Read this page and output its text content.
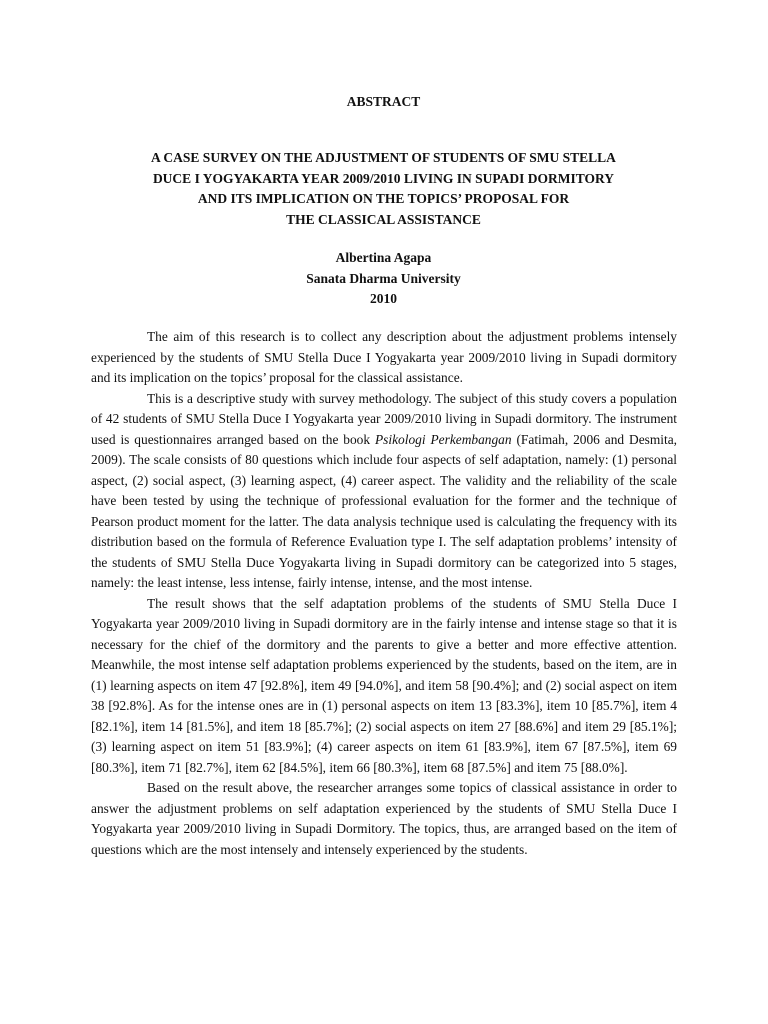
ABSTRACT
A CASE SURVEY ON THE ADJUSTMENT OF STUDENTS OF SMU STELLA
DUCE I YOGYAKARTA YEAR 2009/2010 LIVING IN SUPADI DORMITORY
AND ITS IMPLICATION ON THE TOPICS’ PROPOSAL FOR
THE CLASSICAL ASSISTANCE
Albertina Agapa
Sanata Dharma University
2010

The aim of this research is to collect any description about the adjustment problems intensely experienced by the students of SMU Stella Duce I Yogyakarta year 2009/2010 living in Supadi dormitory and its implication on the topics’ proposal for the classical assistance.

This is a descriptive study with survey methodology. The subject of this study covers a population of 42 students of SMU Stella Duce I Yogyakarta year 2009/2010 living in Supadi dormitory. The instrument used is questionnaires arranged based on the book Psikologi Perkembangan (Fatimah, 2006 and Desmita, 2009). The scale consists of 80 questions which include four aspects of self adaptation, namely: (1) personal aspect, (2) social aspect, (3) learning aspect, (4) career aspect. The validity and the reliability of the scale have been tested by using the technique of professional evaluation for the former and the technique of Pearson product moment for the latter. The data analysis technique used is calculating the frequency with its distribution based on the formula of Reference Evaluation type I. The self adaptation problems’ intensity of the students of SMU Stella Duce Yogyakarta living in Supadi dormitory can be categorized into 5 stages, namely: the least intense, less intense, fairly intense, intense, and the most intense.

The result shows that the self adaptation problems of the students of SMU Stella Duce I Yogyakarta year 2009/2010 living in Supadi dormitory are in the fairly intense and intense stage so that it is necessary for the chief of the dormitory and the parents to give a better and more effective attention. Meanwhile, the most intense self adaptation problems experienced by the students, based on the item, are in (1) learning aspects on item 47 [92.8%], item 49 [94.0%], and item 58 [90.4%]; and (2) social aspect on item 38 [92.8%]. As for the intense ones are in (1) personal aspects on item 13 [83.3%], item 10 [85.7%], item 4 [82.1%], item 14 [81.5%], and item 18 [85.7%]; (2) social aspects on item 27 [88.6%] and item 29 [85.1%]; (3) learning aspect on item 51 [83.9%]; (4) career aspects on item 61 [83.9%], item 67 [87.5%], item 69 [80.3%], item 71 [82.7%], item 62 [84.5%], item 66 [80.3%], item 68 [87.5%] and item 75 [88.0%].

Based on the result above, the researcher arranges some topics of classical assistance in order to answer the adjustment problems on self adaptation experienced by the students of SMU Stella Duce I Yogyakarta year 2009/2010 living in Supadi Dormitory. The topics, thus, are arranged based on the item of questions which are the most intensely and intensely experienced by the students.
